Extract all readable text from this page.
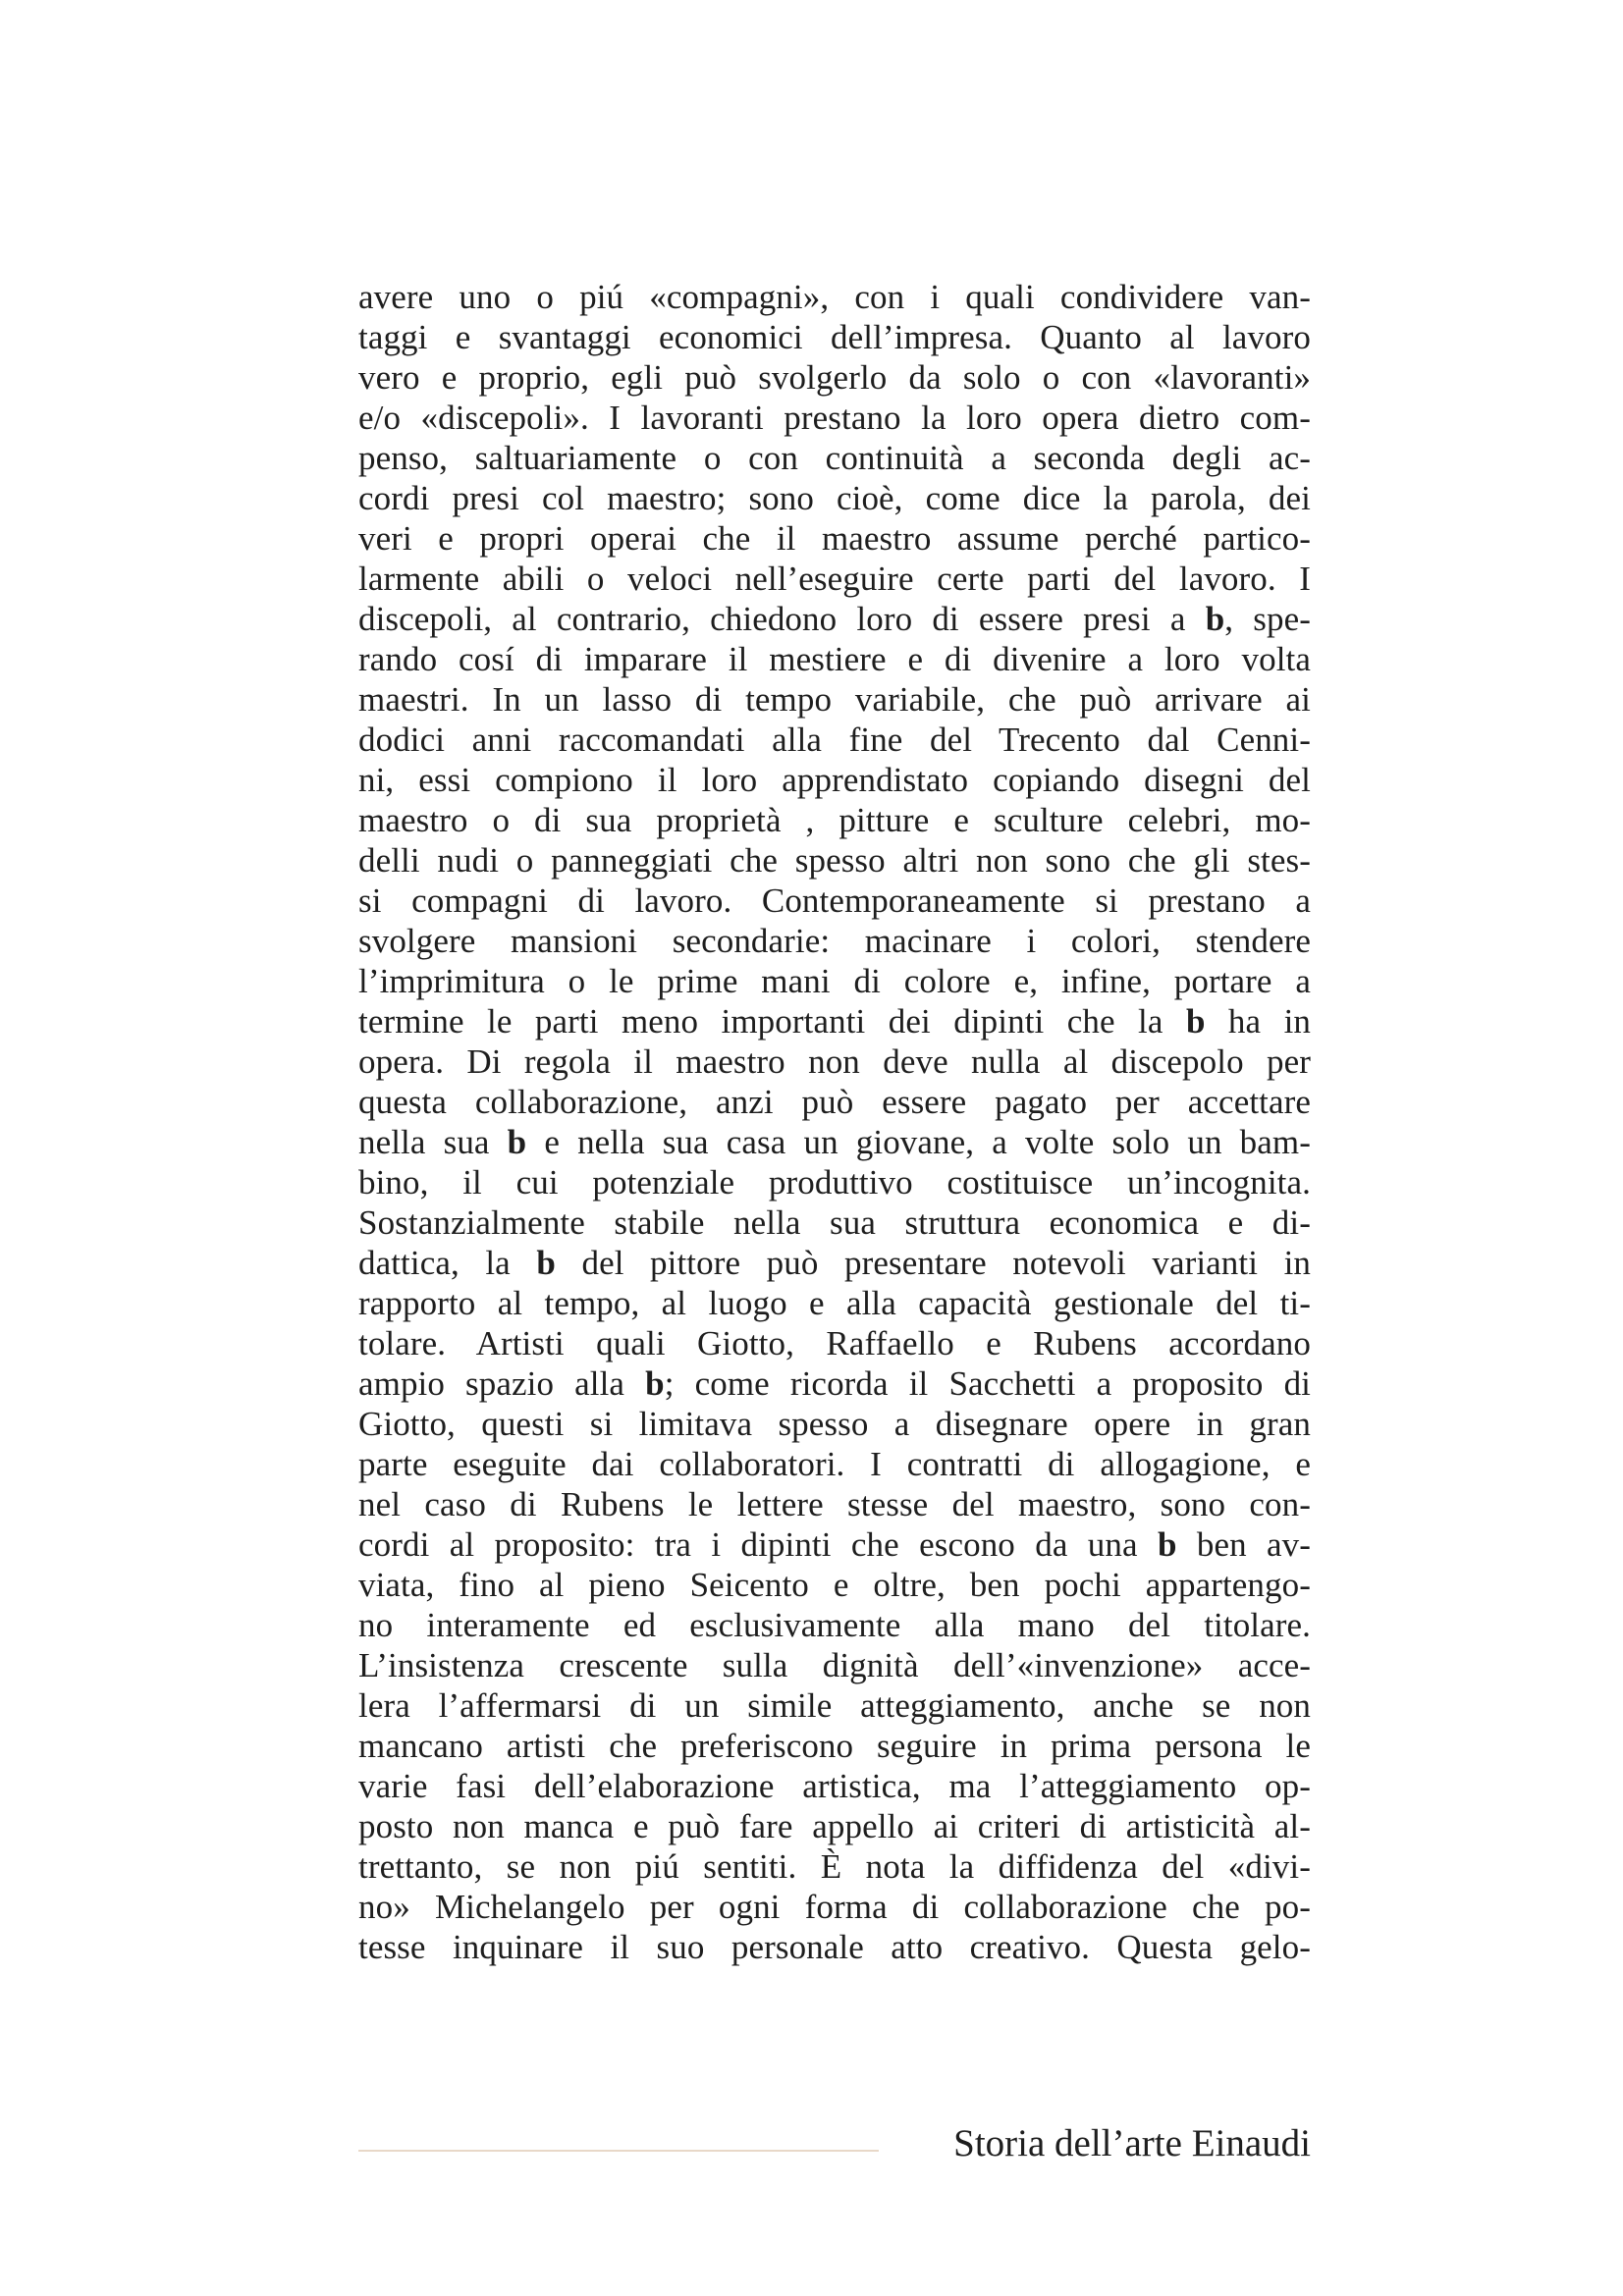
avere uno o piú «compagni», con i quali condividere van-
taggi e svantaggi economici dell’impresa. Quanto al lavoro
vero e proprio, egli può svolgerlo da solo o con «lavoranti»
e/o «discepoli». I lavoranti prestano la loro opera dietro com-
penso, saltuariamente o con continuità a seconda degli ac-
cordi presi col maestro; sono cioè, come dice la parola, dei
veri e propri operai che il maestro assume perché partico-
larmente abili o veloci nell’eseguire certe parti del lavoro. I
discepoli, al contrario, chiedono loro di essere presi a b, spe-
rando cosí di imparare il mestiere e di divenire a loro volta
maestri. In un lasso di tempo variabile, che può arrivare ai
dodici anni raccomandati alla fine del Trecento dal Cenni-
ni, essi compiono il loro apprendistato copiando disegni del
maestro o di sua proprietà , pitture e sculture celebri, mo-
delli nudi o panneggiati che spesso altri non sono che gli stes-
si compagni di lavoro. Contemporaneamente si prestano a
svolgere mansioni secondarie: macinare i colori, stendere
l’imprimitura o le prime mani di colore e, infine, portare a
termine le parti meno importanti dei dipinti che la b ha in
opera. Di regola il maestro non deve nulla al discepolo per
questa collaborazione, anzi può essere pagato per accettare
nella sua b e nella sua casa un giovane, a volte solo un bam-
bino, il cui potenziale produttivo costituisce un’incognita.
Sostanzialmente stabile nella sua struttura economica e di-
dattica, la b del pittore può presentare notevoli varianti in
rapporto al tempo, al luogo e alla capacità gestionale del ti-
tolare. Artisti quali Giotto, Raffaello e Rubens accordano
ampio spazio alla b; come ricorda il Sacchetti a proposito di
Giotto, questi si limitava spesso a disegnare opere in gran
parte eseguite dai collaboratori. I contratti di allogagione, e
nel caso di Rubens le lettere stesse del maestro, sono con-
cordi al proposito: tra i dipinti che escono da una b ben av-
viata, fino al pieno Seicento e oltre, ben pochi appartengo-
no interamente ed esclusivamente alla mano del titolare.
L’insistenza crescente sulla dignità dell’«invenzione» acce-
lera l’affermarsi di un simile atteggiamento, anche se non
mancano artisti che preferiscono seguire in prima persona le
varie fasi dell’elaborazione artistica, ma l’atteggiamento op-
posto non manca e può fare appello ai criteri di artisticità al-
trettanto, se non piú sentiti. È nota la diffidenza del «divi-
no» Michelangelo per ogni forma di collaborazione che po-
tesse inquinare il suo personale atto creativo. Questa gelo-
Storia dell’arte Einaudi
